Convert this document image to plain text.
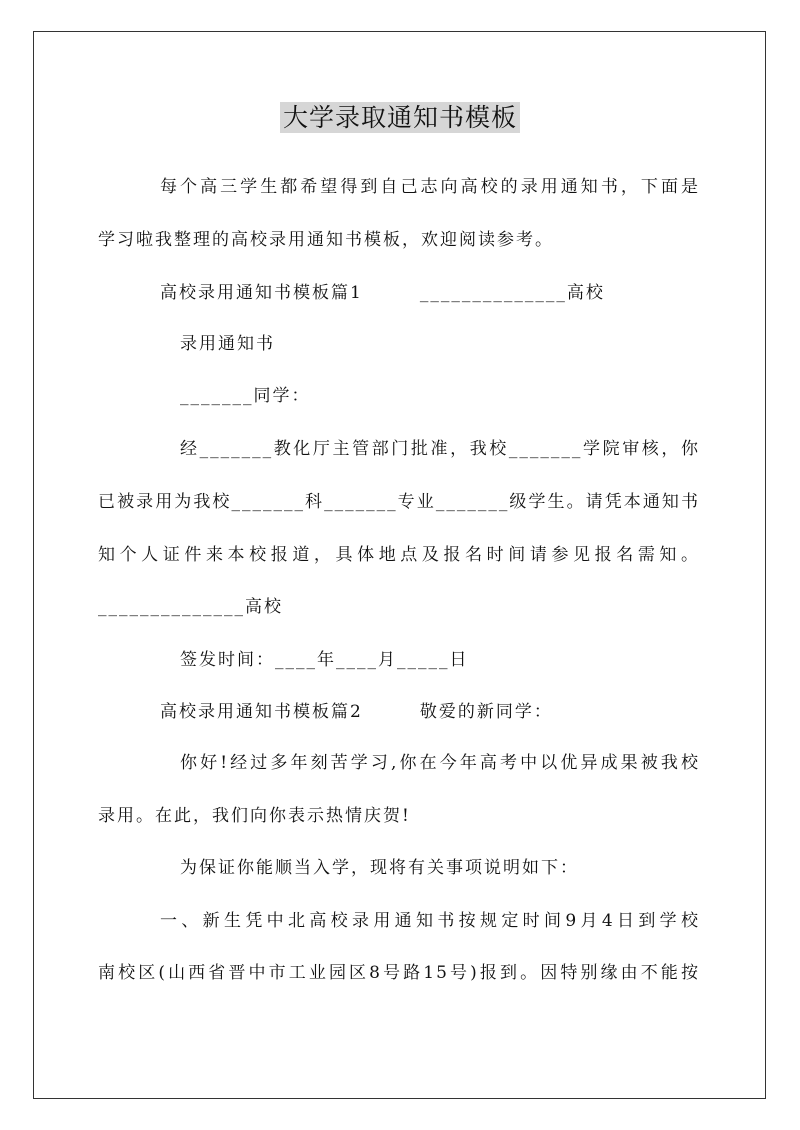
大学录取通知书模板
每个高三学生都希望得到自己志向高校的录用通知书，下面是
学习啦我整理的高校录用通知书模板，欢迎阅读参考。
高校录用通知书模板篇1　　　______________高校
录用通知书
_______同学：
经_______教化厅主管部门批准，我校_______学院审核，你
已被录用为我校_______科_______专业_______级学生。请凭本通知书
知个人证件来本校报道，具体地点及报名时间请参见报名需知。
______________高校
签发时间：____年____月_____日
高校录用通知书模板篇2　　　敬爱的新同学：
你好!经过多年刻苦学习,你在今年高考中以优异成果被我校
录用。在此，我们向你表示热情庆贺!
为保证你能顺当入学，现将有关事项说明如下：
一、新生凭中北高校录用通知书按规定时间9月4日到学校
南校区(山西省晋中市工业园区8号路15号)报到。因特别缘由不能按
